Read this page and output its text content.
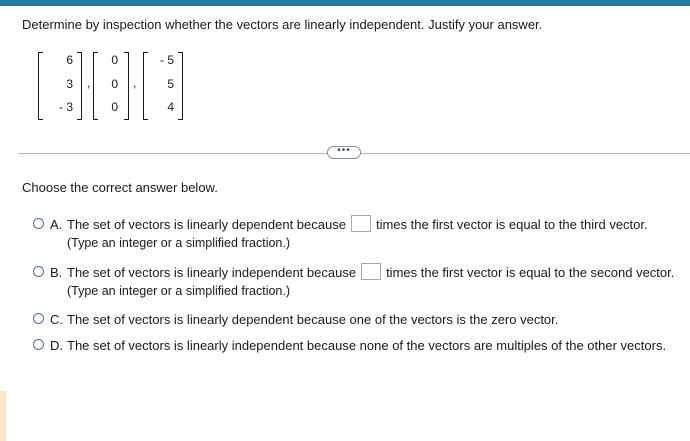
Determine by inspection whether the vectors are linearly independent. Justify your answer.
6
3
- 3
,
0
0
0
,
- 5
5
4
•••
Choose the correct answer below.
A. The set of vectors is linearly dependent because times the first vector is equal to the third vector.
(Type an integer or a simplified fraction.)
B. The set of vectors is linearly independent because times the first vector is equal to the second vector.
(Type an integer or a simplified fraction.)
C. The set of vectors is linearly dependent because one of the vectors is the zero vector.
D. The set of vectors is linearly independent because none of the vectors are multiples of the other vectors.
